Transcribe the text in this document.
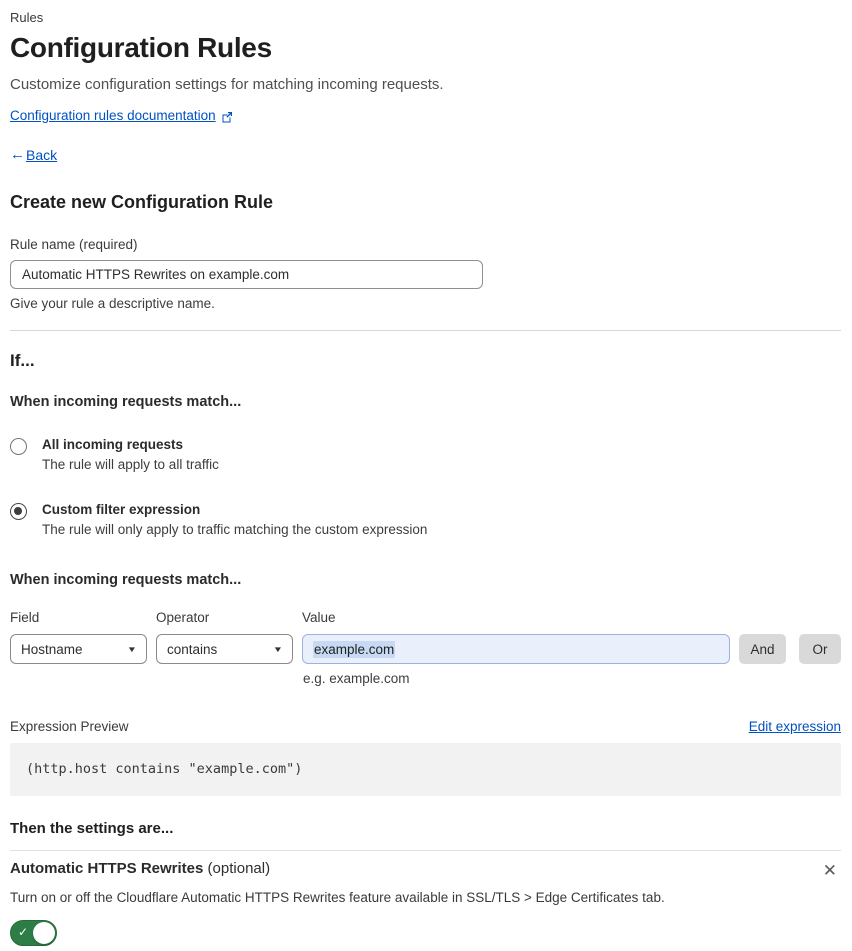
Rules
Configuration Rules
Customize configuration settings for matching incoming requests.
Configuration rules documentation
← Back
Create new Configuration Rule
Rule name (required)
Automatic HTTPS Rewrites on example.com
Give your rule a descriptive name.
If...
When incoming requests match...
All incoming requests
The rule will apply to all traffic
Custom filter expression
The rule will only apply to traffic matching the custom expression
When incoming requests match...
Field	Operator	Value
Hostname	▼ contains	▼ example.com	And	Or
e.g. example.com
Expression Preview	Edit expression
(http.host contains "example.com")
Then the settings are...
Automatic HTTPS Rewrites (optional)	✕
Turn on or off the Cloudflare Automatic HTTPS Rewrites feature available in SSL/TLS > Edge Certificates tab.
✓
